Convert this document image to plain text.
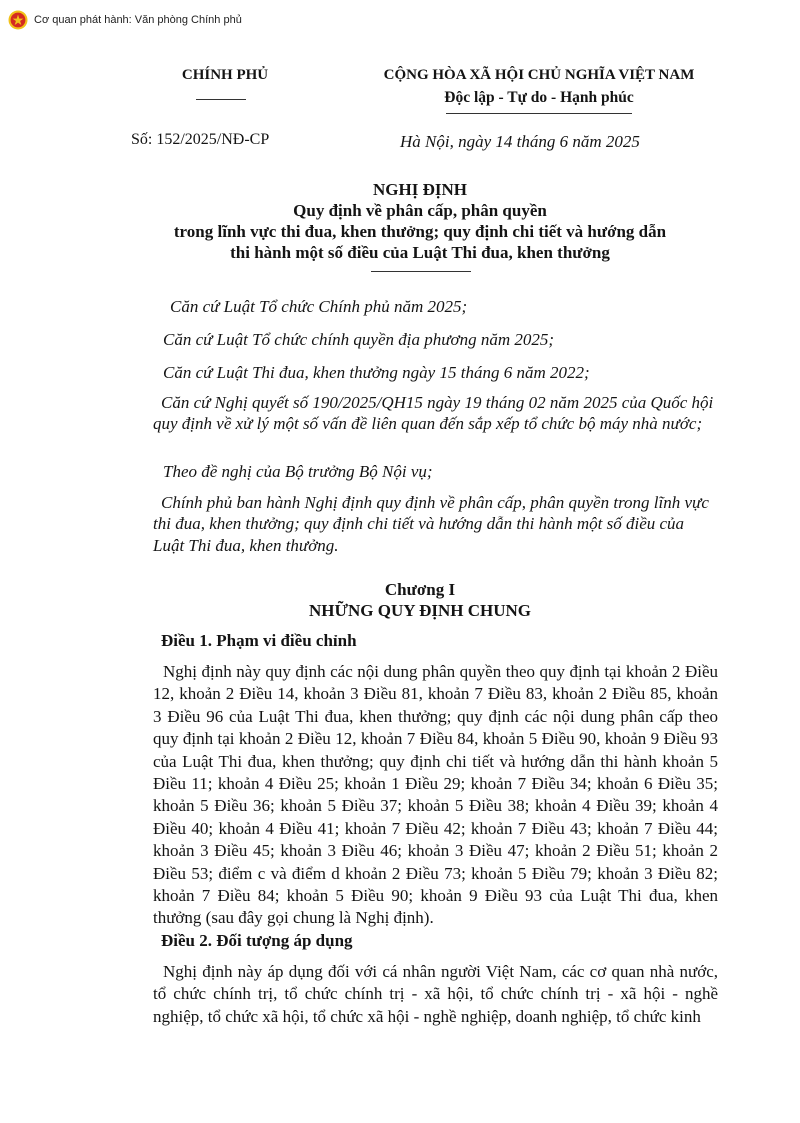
Cơ quan phát hành: Văn phòng Chính phủ
CHÍNH PHỦ
Số: 152/2025/NĐ-CP
CỘNG HÒA XÃ HỘI CHỦ NGHĨA VIỆT NAM
Độc lập - Tự do - Hạnh phúc
Hà Nội, ngày 14 tháng 6 năm 2025
NGHỊ ĐỊNH
Quy định về phân cấp, phân quyền
trong lĩnh vực thi đua, khen thưởng; quy định chi tiết và hướng dẫn
thi hành một số điều của Luật Thi đua, khen thưởng
Căn cứ Luật Tổ chức Chính phủ năm 2025;
Căn cứ Luật Tổ chức chính quyền địa phương năm 2025;
Căn cứ Luật Thi đua, khen thưởng ngày 15 tháng 6 năm 2022;
Căn cứ Nghị quyết số 190/2025/QH15 ngày 19 tháng 02 năm 2025 của Quốc hội quy định về xử lý một số vấn đề liên quan đến sắp xếp tổ chức bộ máy nhà nước;
Theo đề nghị của Bộ trưởng Bộ Nội vụ;
Chính phủ ban hành Nghị định quy định về phân cấp, phân quyền trong lĩnh vực thi đua, khen thưởng; quy định chi tiết và hướng dẫn thi hành một số điều của Luật Thi đua, khen thưởng.
Chương I
NHỮNG QUY ĐỊNH CHUNG
Điều 1. Phạm vi điều chỉnh
Nghị định này quy định các nội dung phân quyền theo quy định tại khoản 2 Điều 12, khoản 2 Điều 14, khoản 3 Điều 81, khoản 7 Điều 83, khoản 2 Điều 85, khoản 3 Điều 96 của Luật Thi đua, khen thưởng; quy định các nội dung phân cấp theo quy định tại khoản 2 Điều 12, khoản 7 Điều 84, khoản 5 Điều 90, khoản 9 Điều 93 của Luật Thi đua, khen thưởng; quy định chi tiết và hướng dẫn thi hành khoản 5 Điều 11; khoản 4 Điều 25; khoản 1 Điều 29; khoản 7 Điều 34; khoản 6 Điều 35; khoản 5 Điều 36; khoản 5 Điều 37; khoản 5 Điều 38; khoản 4 Điều 39; khoản 4 Điều 40; khoản 4 Điều 41; khoản 7 Điều 42; khoản 7 Điều 43; khoản 7 Điều 44; khoản 3 Điều 45; khoản 3 Điều 46; khoản 3 Điều 47; khoản 2 Điều 51; khoản 2 Điều 53; điểm c và điểm d khoản 2 Điều 73; khoản 5 Điều 79; khoản 3 Điều 82; khoản 7 Điều 84; khoản 5 Điều 90; khoản 9 Điều 93 của Luật Thi đua, khen thưởng (sau đây gọi chung là Nghị định).
Điều 2. Đối tượng áp dụng
Nghị định này áp dụng đối với cá nhân người Việt Nam, các cơ quan nhà nước, tổ chức chính trị, tổ chức chính trị - xã hội, tổ chức chính trị - xã hội - nghề nghiệp, tổ chức xã hội, tổ chức xã hội - nghề nghiệp, doanh nghiệp, tổ chức kinh
